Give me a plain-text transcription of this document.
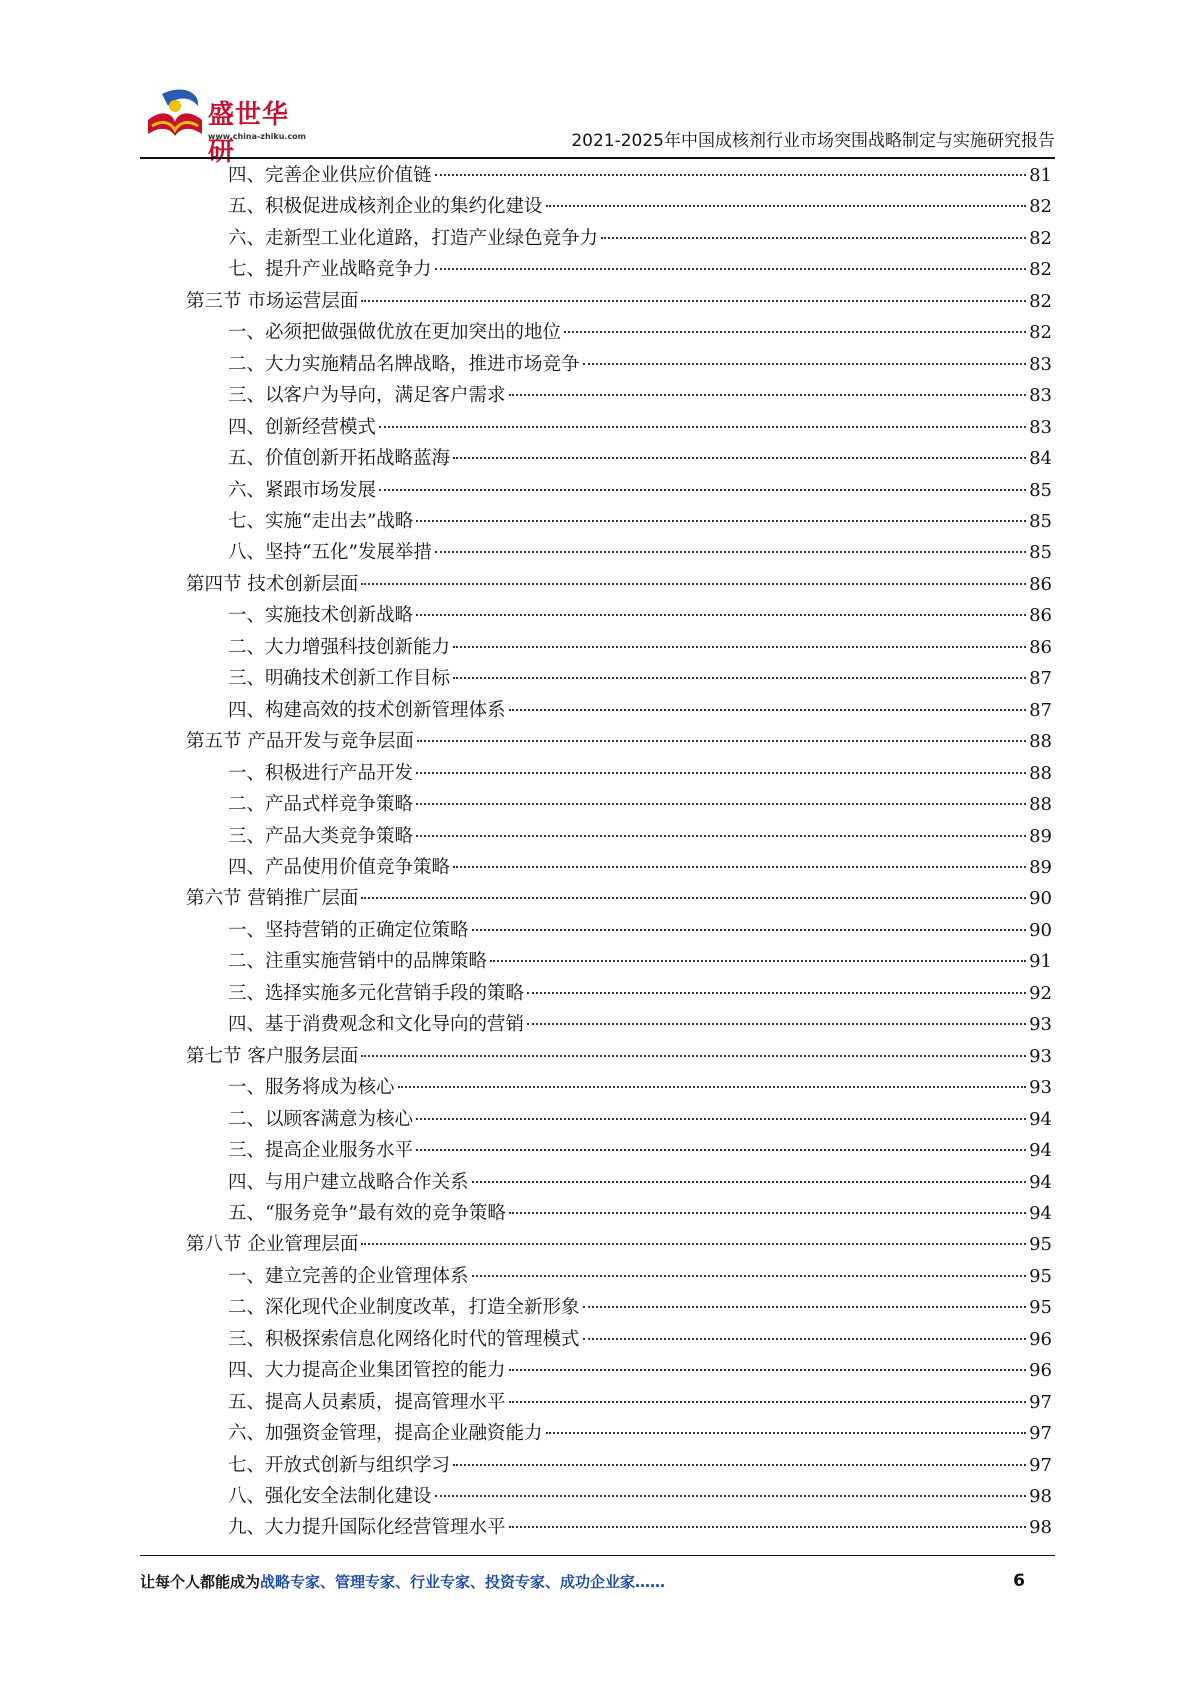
盛世华研
www.china-zhiku.com	2021-2025年中国成核剂行业市场突围战略制定与实施研究报告
四、完善企业供应价值链	81
五、积极促进成核剂企业的集约化建设	82
六、走新型工业化道路，打造产业绿色竞争力	82
七、提升产业战略竞争力	82
第三节 市场运营层面	82
一、必须把做强做优放在更加突出的地位	82
二、大力实施精品名牌战略，推进市场竞争	83
三、以客户为导向，满足客户需求	83
四、创新经营模式	83
五、价值创新开拓战略蓝海	84
六、紧跟市场发展	85
七、实施“走出去”战略	85
八、坚持“五化”发展举措	85
第四节 技术创新层面	86
一、实施技术创新战略	86
二、大力增强科技创新能力	86
三、明确技术创新工作目标	87
四、构建高效的技术创新管理体系	87
第五节 产品开发与竞争层面	88
一、积极进行产品开发	88
二、产品式样竞争策略	88
三、产品大类竞争策略	89
四、产品使用价值竞争策略	89
第六节 营销推广层面	90
一、坚持营销的正确定位策略	90
二、注重实施营销中的品牌策略	91
三、选择实施多元化营销手段的策略	92
四、基于消费观念和文化导向的营销	93
第七节 客户服务层面	93
一、服务将成为核心	93
二、以顾客满意为核心	94
三、提高企业服务水平	94
四、与用户建立战略合作关系	94
五、“服务竞争”最有效的竞争策略	94
第八节 企业管理层面	95
一、建立完善的企业管理体系	95
二、深化现代企业制度改革，打造全新形象	95
三、积极探索信息化网络化时代的管理模式	96
四、大力提高企业集团管控的能力	96
五、提高人员素质，提高管理水平	97
六、加强资金管理，提高企业融资能力	97
七、开放式创新与组织学习	97
八、强化安全法制化建设	98
九、大力提升国际化经营管理水平	98
让每个人都能成为战略专家、管理专家、行业专家、投资专家、成功企业家……	6
